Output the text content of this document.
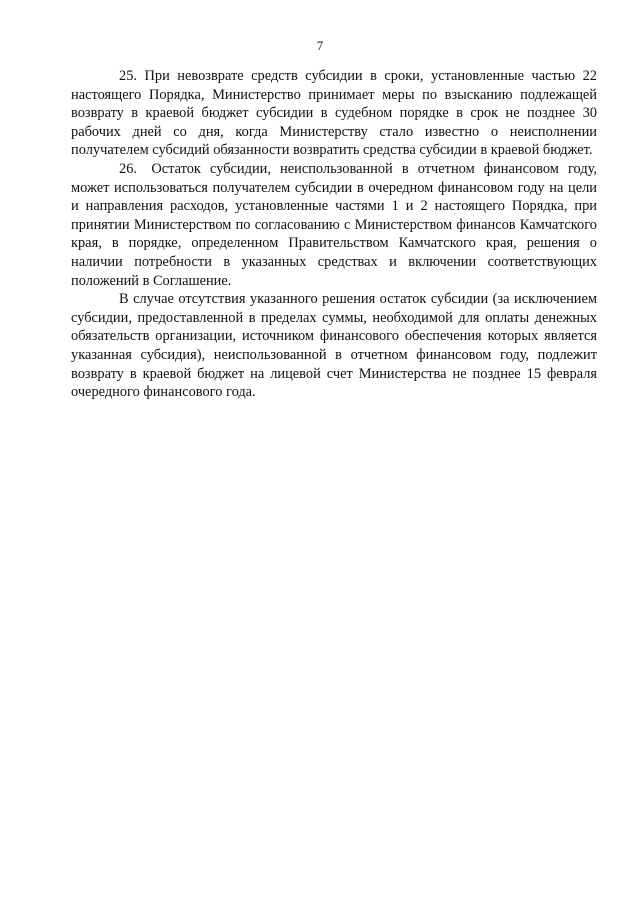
7

25. При невозврате средств субсидии в сроки, установленные частью 22 настоящего Порядка, Министерство принимает меры по взысканию подлежащей возврату в краевой бюджет субсидии в судебном порядке в срок не позднее 30 рабочих дней со дня, когда Министерству стало известно о неисполнении получателем субсидий обязанности возвратить средства субсидии в краевой бюджет.

26. Остаток субсидии, неиспользованной в отчетном финансовом году, может использоваться получателем субсидии в очередном финансовом году на цели и направления расходов, установленные частями 1 и 2 настоящего Порядка, при принятии Министерством по согласованию с Министерством финансов Камчатского края, в порядке, определенном Правительством Камчатского края, решения о наличии потребности в указанных средствах и включении соответствующих положений в Соглашение.

В случае отсутствия указанного решения остаток субсидии (за исключением субсидии, предоставленной в пределах суммы, необходимой для оплаты денежных обязательств организации, источником финансового обеспечения которых является указанная субсидия), неиспользованной в отчетном финансовом году, подлежит возврату в краевой бюджет на лицевой счет Министерства не позднее 15 февраля очередного финансового года.
